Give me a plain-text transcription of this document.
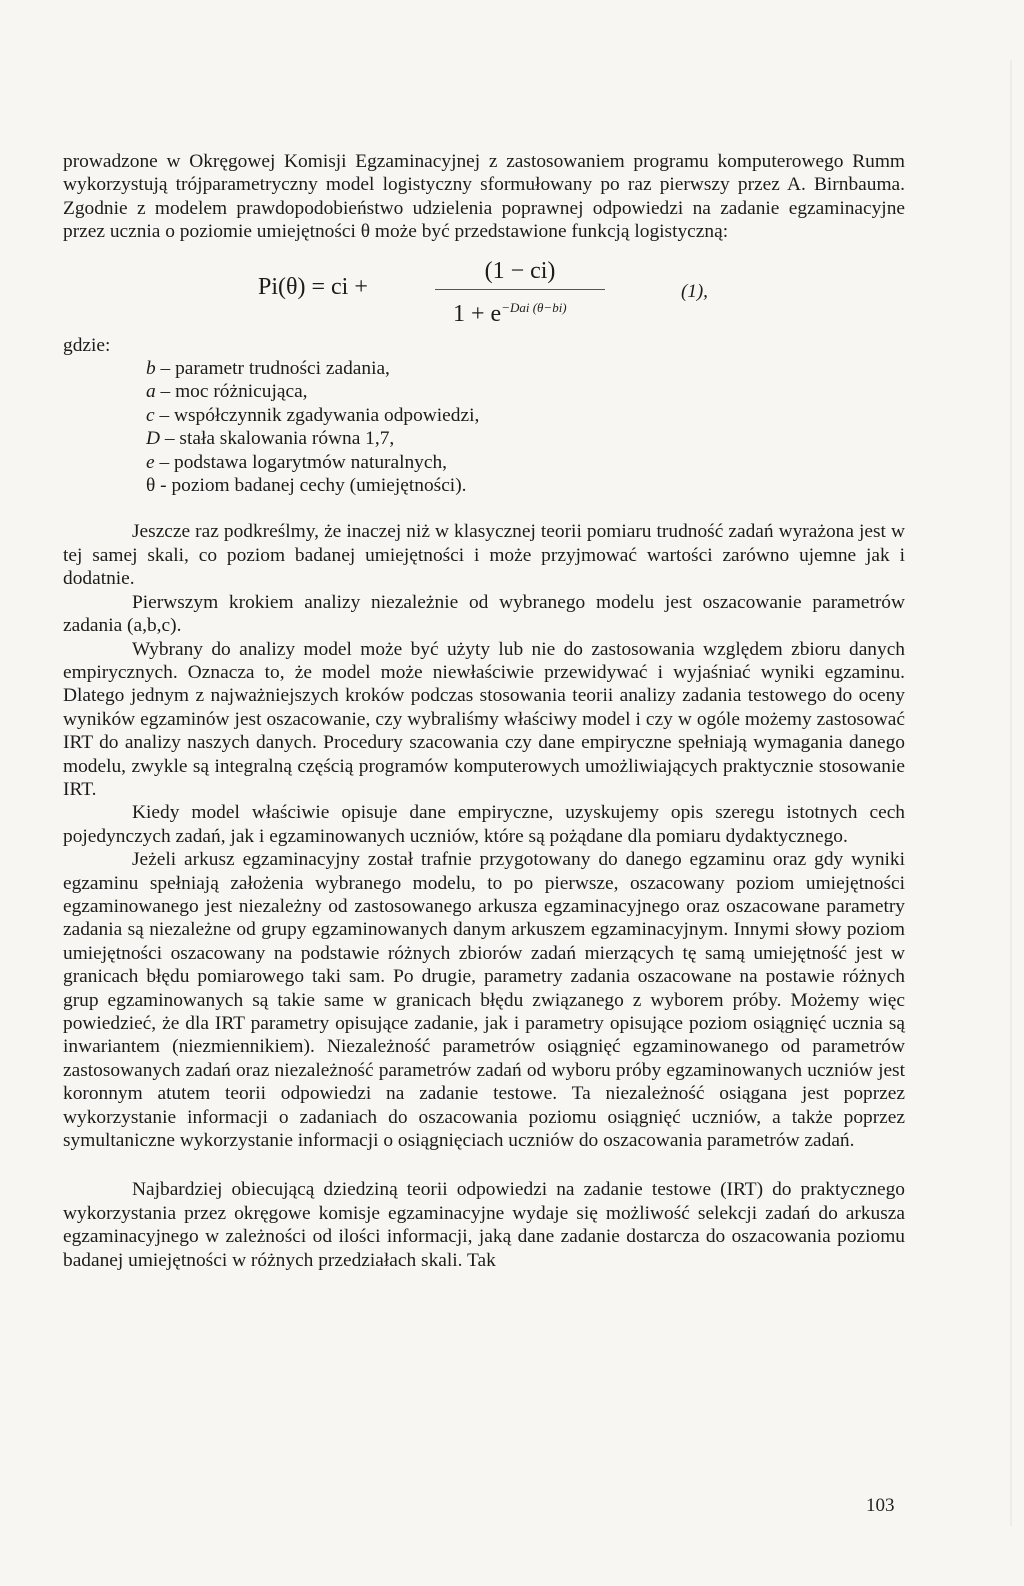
prowadzone w Okręgowej Komisji Egzaminacyjnej z zastosowaniem programu komputerowego Rumm wykorzystują trójparametryczny model logistyczny sformułowany po raz pierwszy przez A. Birnbauma. Zgodnie z modelem prawdopodobieństwo udzielenia poprawnej odpowiedzi na zadanie egzaminacyjne przez ucznia o poziomie umiejętności θ może być przedstawione funkcją logistyczną:

Pi(θ) = ci +
(1 − ci)
$1 + e^{-Dai (\theta-bi)}$
(1),

gdzie:

b – parametr trudności zadania,
a – moc różnicująca,
c – współczynnik zgadywania odpowiedzi,
D – stała skalowania równa 1,7,
e – podstawa logarytmów naturalnych,
θ - poziom badanej cechy (umiejętności).

Jeszcze raz podkreślmy, że inaczej niż w klasycznej teorii pomiaru trudność zadań wyrażona jest w tej samej skali, co poziom badanej umiejętności i może przyjmować wartości zarówno ujemne jak i dodatnie.

Pierwszym krokiem analizy niezależnie od wybranego modelu jest oszacowanie parametrów zadania (a,b,c).

Wybrany do analizy model może być użyty lub nie do zastosowania względem zbioru danych empirycznych. Oznacza to, że model może niewłaściwie przewidywać i wyjaśniać wyniki egzaminu. Dlatego jednym z najważniejszych kroków podczas stosowania teorii analizy zadania testowego do oceny wyników egzaminów jest oszacowanie, czy wybraliśmy właściwy model i czy w ogóle możemy zastosować IRT do analizy naszych danych. Procedury szacowania czy dane empiryczne spełniają wymagania danego modelu, zwykle są integralną częścią programów komputerowych umożliwiających praktycznie stosowanie IRT.

Kiedy model właściwie opisuje dane empiryczne, uzyskujemy opis szeregu istotnych cech pojedynczych zadań, jak i egzaminowanych uczniów, które są pożądane dla pomiaru dydaktycznego.

Jeżeli arkusz egzaminacyjny został trafnie przygotowany do danego egzaminu oraz gdy wyniki egzaminu spełniają założenia wybranego modelu, to po pierwsze, oszacowany poziom umiejętności egzaminowanego jest niezależny od zastosowanego arkusza egzaminacyjnego oraz oszacowane parametry zadania są niezależne od grupy egzaminowanych danym arkuszem egzaminacyjnym. Innymi słowy poziom umiejętności oszacowany na podstawie różnych zbiorów zadań mierzących tę samą umiejętność jest w granicach błędu pomiarowego taki sam. Po drugie, parametry zadania oszacowane na postawie różnych grup egzaminowanych są takie same w granicach błędu związanego z wyborem próby. Możemy więc powiedzieć, że dla IRT parametry opisujące zadanie, jak i parametry opisujące poziom osiągnięć ucznia są inwariantem (niezmiennikiem). Niezależność parametrów osiągnięć egzaminowanego od parametrów zastosowanych zadań oraz niezależność parametrów zadań od wyboru próby egzaminowanych uczniów jest koronnym atutem teorii odpowiedzi na zadanie testowe. Ta niezależność osiągana jest poprzez wykorzystanie informacji o zadaniach do oszacowania poziomu osiągnięć uczniów, a także poprzez symultaniczne wykorzystanie informacji o osiągnięciach uczniów do oszacowania parametrów zadań.

Najbardziej obiecującą dziedziną teorii odpowiedzi na zadanie testowe (IRT) do praktycznego wykorzystania przez okręgowe komisje egzaminacyjne wydaje się możliwość selekcji zadań do arkusza egzaminacyjnego w zależności od ilości informacji, jaką dane zadanie dostarcza do oszacowania poziomu badanej umiejętności w różnych przedziałach skali. Tak

103
